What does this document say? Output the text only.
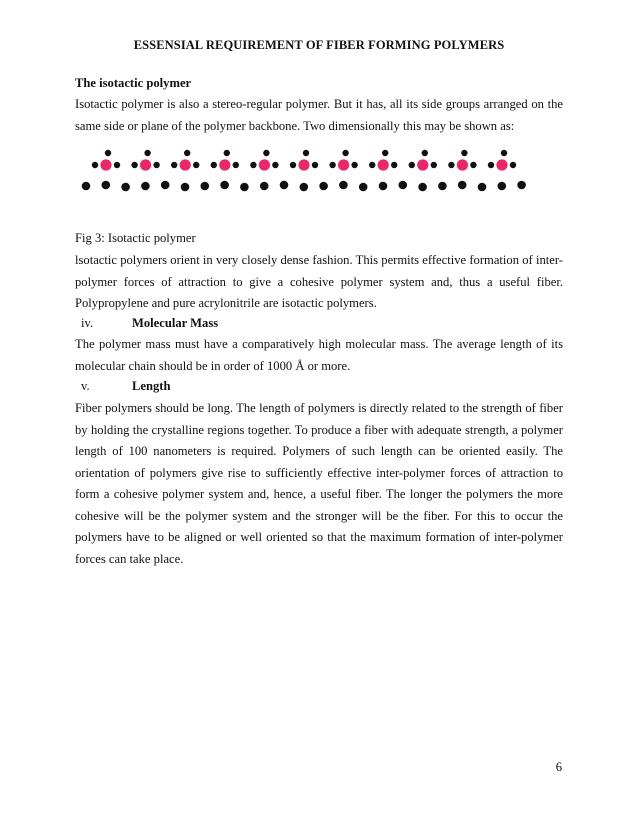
ESSENSIAL REQUIREMENT OF FIBER FORMING POLYMERS
The isotactic polymer
Isotactic polymer is also a stereo-regular polymer. But it has, all its side groups arranged on the same side or plane of the polymer backbone. Two dimensionally this may be shown as:
Fig 3: Isotactic polymer
lsotactic polymers orient in very closely dense fashion. This permits effective formation of inter-polymer forces of attraction to give a cohesive polymer system and, thus a useful fiber. Polypropylene and pure acrylonitrile are isotactic polymers.
iv.	Molecular Mass
The polymer mass must have a comparatively high molecular mass. The average length of its molecular chain should be in order of 1000 Å or more.
v.	Length
Fiber polymers should be long. The length of polymers is directly related to the strength of fiber by holding the crystalline regions together. To produce a fiber with adequate strength, a polymer length of 100 nanometers is required. Polymers of such length can be oriented easily. The orientation of polymers give rise to sufficiently effective inter-polymer forces of attraction to form a cohesive polymer system and, hence, a useful fiber. The longer the polymers the more cohesive will be the polymer system and the stronger will be the fiber. For this to occur the polymers have to be aligned or well oriented so that the maximum formation of inter-polymer forces can take place.
6
